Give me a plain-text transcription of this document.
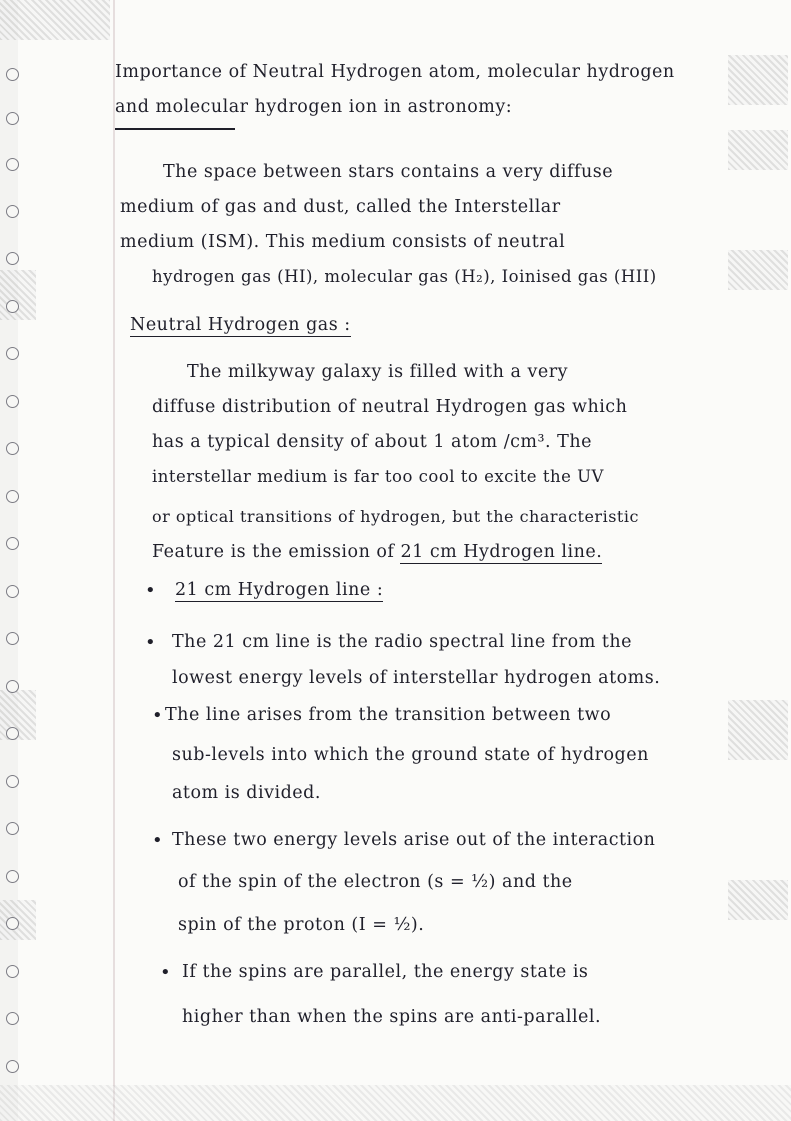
Importance of Neutral Hydrogen atom, molecular hydrogen
and molecular hydrogen ion in astronomy:
The space between stars contains a very diffuse
medium of gas and dust, called the Interstellar
medium (ISM). This medium consists of neutral
hydrogen gas (HI), molecular gas (H₂), Ioinised gas (HII)
Neutral Hydrogen gas :
The milkyway galaxy is filled with a very
diffuse distribution of neutral Hydrogen gas which
has a typical density of about 1 atom /cm³. The
interstellar medium is far too cool to excite the UV
or optical transitions of hydrogen, but the characteristic
Feature is the emission of 21 cm Hydrogen line.
• 21 cm Hydrogen line :
• The 21 cm line is the radio spectral line from the
lowest energy levels of interstellar hydrogen atoms.
• The line arises from the transition between two
sub-levels into which the ground state of hydrogen
atom is divided.
• These two energy levels arise out of the interaction
of the spin of the electron (s = ½) and the
spin of the proton (I = ½).
• If the spins are parallel, the energy state is
higher than when the spins are anti-parallel.
